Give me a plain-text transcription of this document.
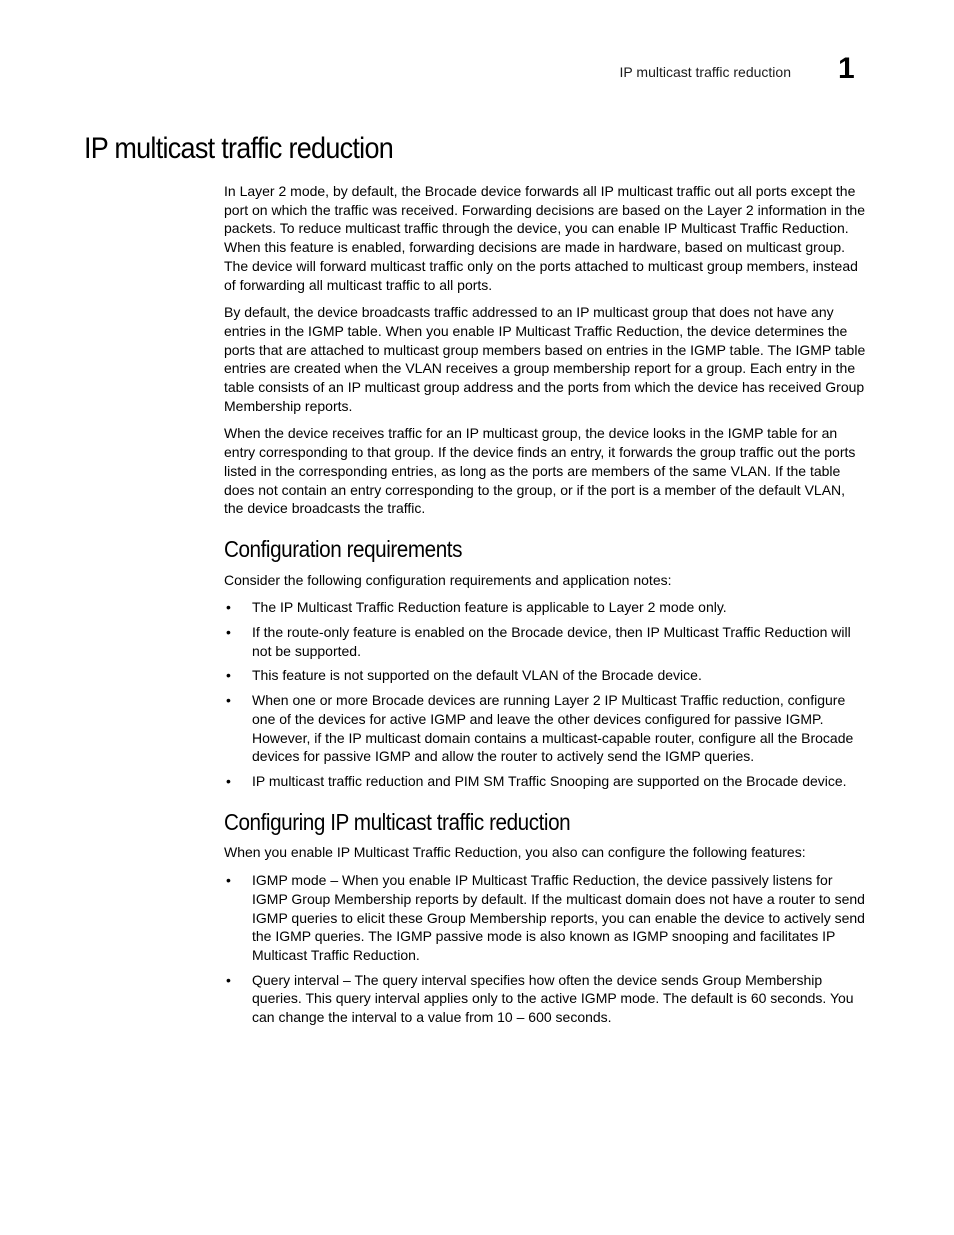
IP multicast traffic reduction 1
IP multicast traffic reduction

In Layer 2 mode, by default, the Brocade device forwards all IP multicast traffic out all ports except the port on which the traffic was received. Forwarding decisions are based on the Layer 2 information in the packets. To reduce multicast traffic through the device, you can enable IP Multicast Traffic Reduction. When this feature is enabled, forwarding decisions are made in hardware, based on multicast group. The device will forward multicast traffic only on the ports attached to multicast group members, instead of forwarding all multicast traffic to all ports.

By default, the device broadcasts traffic addressed to an IP multicast group that does not have any entries in the IGMP table. When you enable IP Multicast Traffic Reduction, the device determines the ports that are attached to multicast group members based on entries in the IGMP table. The IGMP table entries are created when the VLAN receives a group membership report for a group. Each entry in the table consists of an IP multicast group address and the ports from which the device has received Group Membership reports.

When the device receives traffic for an IP multicast group, the device looks in the IGMP table for an entry corresponding to that group. If the device finds an entry, it forwards the group traffic out the ports listed in the corresponding entries, as long as the ports are members of the same VLAN. If the table does not contain an entry corresponding to the group, or if the port is a member of the default VLAN, the device broadcasts the traffic.

Configuration requirements

Consider the following configuration requirements and application notes:

• The IP Multicast Traffic Reduction feature is applicable to Layer 2 mode only.
• If the route-only feature is enabled on the Brocade device, then IP Multicast Traffic Reduction will not be supported.
• This feature is not supported on the default VLAN of the Brocade device.
• When one or more Brocade devices are running Layer 2 IP Multicast Traffic reduction, configure one of the devices for active IGMP and leave the other devices configured for passive IGMP. However, if the IP multicast domain contains a multicast-capable router, configure all the Brocade devices for passive IGMP and allow the router to actively send the IGMP queries.
• IP multicast traffic reduction and PIM SM Traffic Snooping are supported on the Brocade device.
Configuring IP multicast traffic reduction

When you enable IP Multicast Traffic Reduction, you also can configure the following features:

• IGMP mode – When you enable IP Multicast Traffic Reduction, the device passively listens for IGMP Group Membership reports by default. If the multicast domain does not have a router to send IGMP queries to elicit these Group Membership reports, you can enable the device to actively send the IGMP queries. The IGMP passive mode is also known as IGMP snooping and facilitates IP Multicast Traffic Reduction.
• Query interval – The query interval specifies how often the device sends Group Membership queries. This query interval applies only to the active IGMP mode. The default is 60 seconds. You can change the interval to a value from 10 – 600 seconds.
